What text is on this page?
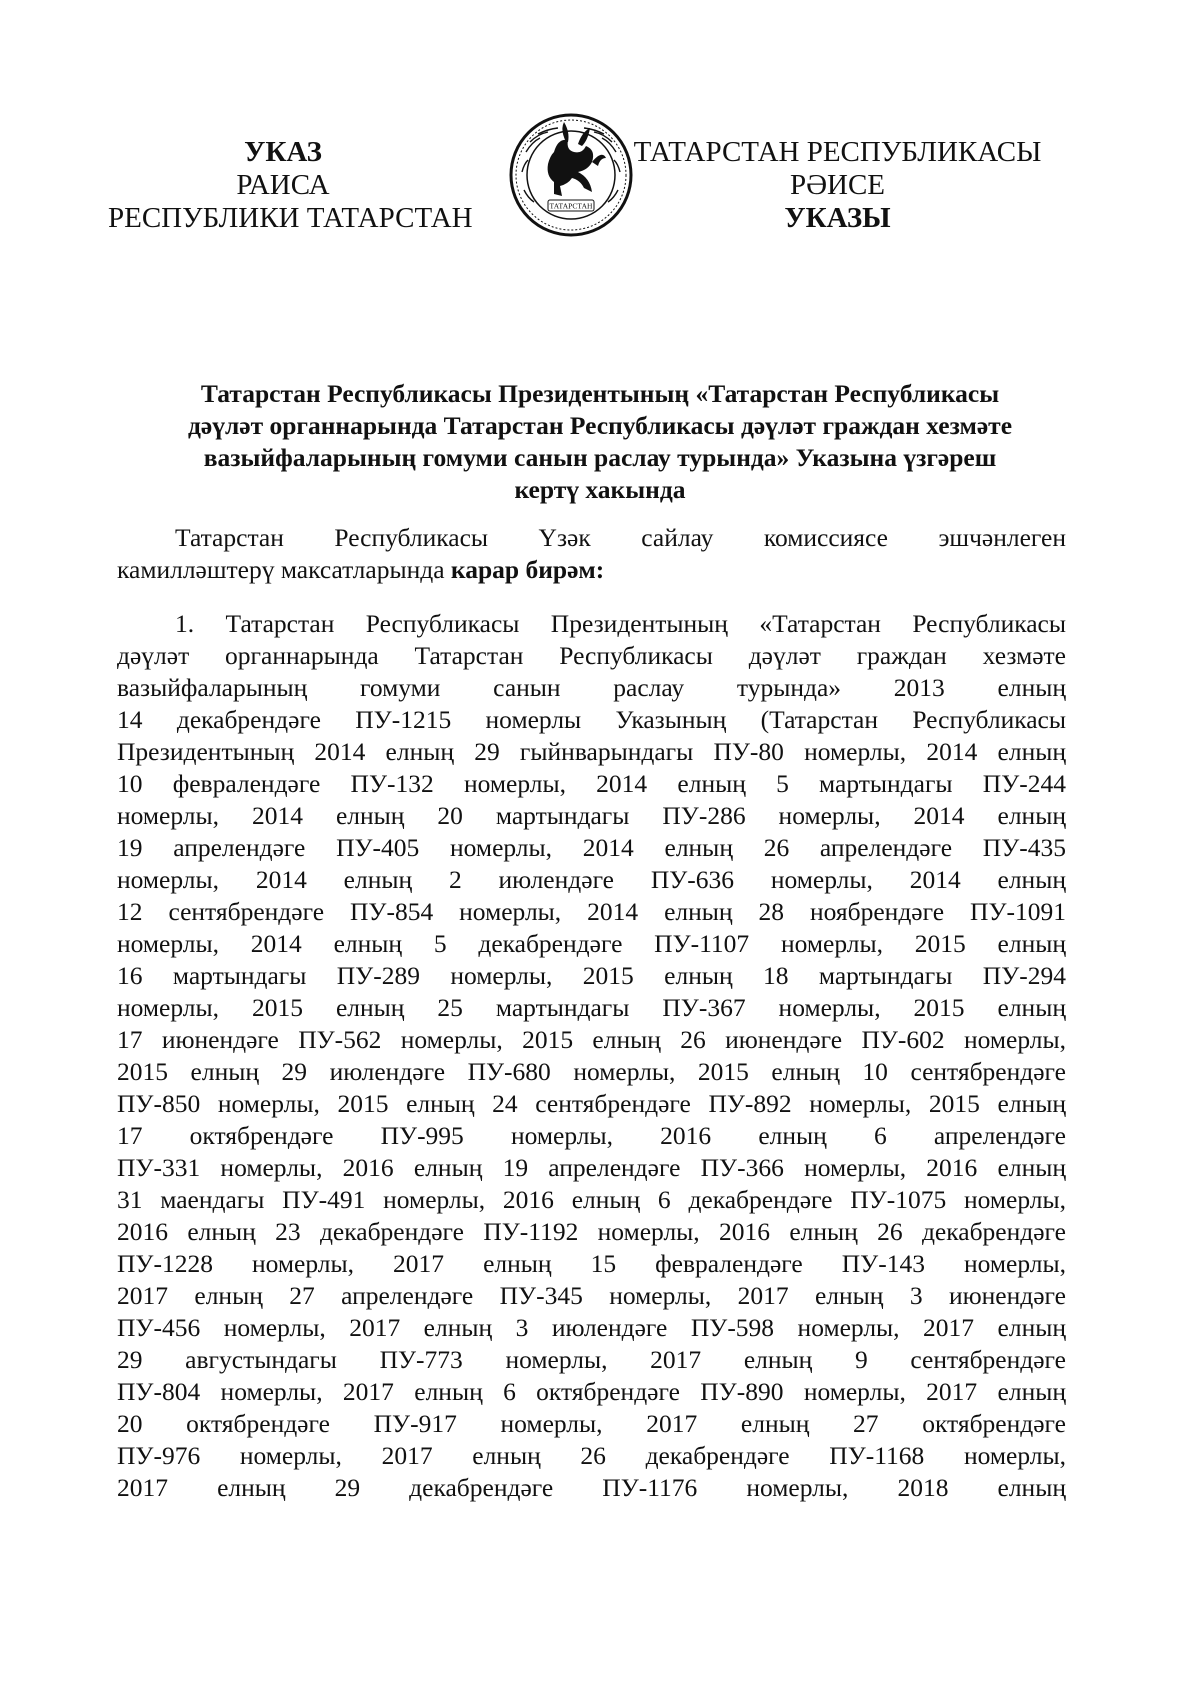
УКАЗ
РАИСА
РЕСПУБЛИКИ ТАТАРСТАН	ТАТАРСТАН
ТАТАРСТАН РЕСПУБЛИКАСЫ
РӘИСЕ
УКАЗЫ
Татарстан Республикасы Президентының «Татарстан Республикасы
дәүләт органнарында Татарстан Республикасы дәүләт граждан хезмәте
вазыйфаларының гомуми санын раслау турында» Указына үзгәреш
кертү хакында
Татарстан Республикасы Үзәк сайлау комиссиясе эшчәнлеген
камилләштерү максатларында карар бирәм:
1. Татарстан Республикасы Президентының «Татарстан Республикасы
дәүләт органнарында Татарстан Республикасы дәүләт граждан хезмәте
вазыйфаларының гомуми санын раслау турында» 2013 елның
14 декабрендәге ПУ-1215 номерлы Указының (Татарстан Республикасы
Президентының 2014 елның 29 гыйнварындагы ПУ-80 номерлы, 2014 елның
10 февралендәге ПУ-132 номерлы, 2014 елның 5 мартындагы ПУ-244
номерлы, 2014 елның 20 мартындагы ПУ-286 номерлы, 2014 елның
19 апрелендәге ПУ-405 номерлы, 2014 елның 26 апрелендәге ПУ-435
номерлы, 2014 елның 2 июлендәге ПУ-636 номерлы, 2014 елның
12 сентябрендәге ПУ-854 номерлы, 2014 елның 28 ноябрендәге ПУ-1091
номерлы, 2014 елның 5 декабрендәге ПУ-1107 номерлы, 2015 елның
16 мартындагы ПУ-289 номерлы, 2015 елның 18 мартындагы ПУ-294
номерлы, 2015 елның 25 мартындагы ПУ-367 номерлы, 2015 елның
17 июнендәге ПУ-562 номерлы, 2015 елның 26 июнендәге ПУ-602 номерлы,
2015 елның 29 июлендәге ПУ-680 номерлы, 2015 елның 10 сентябрендәге
ПУ-850 номерлы, 2015 елның 24 сентябрендәге ПУ-892 номерлы, 2015 елның
17 октябрендәге ПУ-995 номерлы, 2016 елның 6 апрелендәге
ПУ-331 номерлы, 2016 елның 19 апрелендәге ПУ-366 номерлы, 2016 елның
31 маендагы ПУ-491 номерлы, 2016 елның 6 декабрендәге ПУ-1075 номерлы,
2016 елның 23 декабрендәге ПУ-1192 номерлы, 2016 елның 26 декабрендәге
ПУ-1228 номерлы, 2017 елның 15 февралендәге ПУ-143 номерлы,
2017 елның 27 апрелендәге ПУ-345 номерлы, 2017 елның 3 июнендәге
ПУ-456 номерлы, 2017 елның 3 июлендәге ПУ-598 номерлы, 2017 елның
29 августындагы ПУ-773 номерлы, 2017 елның 9 сентябрендәге
ПУ-804 номерлы, 2017 елның 6 октябрендәге ПУ-890 номерлы, 2017 елның
20 октябрендәге ПУ-917 номерлы, 2017 елның 27 октябрендәге
ПУ-976 номерлы, 2017 елның 26 декабрендәге ПУ-1168 номерлы,
2017 елның 29 декабрендәге ПУ-1176 номерлы, 2018 елның
